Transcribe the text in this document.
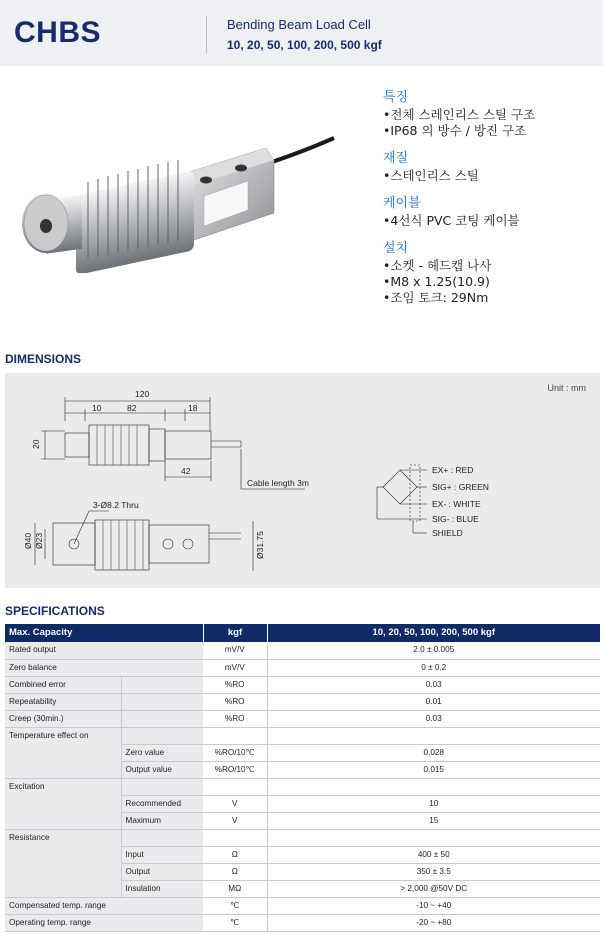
CHBS	Bending Beam Load Cell
10, 20, 50, 100, 200, 500 kgf
특징
•전체 스레인리스 스틸 구조
•IP68 의 방수 / 방진 구조
재질
•스테인리스 스틸
케이블
•4선식 PVC 코팅 케이블
설치
•소켓 - 헤드캡 나사
•M8 x 1.25(10.9)
•조임 토크: 29Nm
DIMENSIONS
Unit : mm
120
10	82	18
20
42
Cable length 3m
3-Ø8.2 Thru
Ø40 Ø23	Ø31.75
EX+ : RED
SIG+ : GREEN
EX- : WHITE
SIG- : BLUE
SHIELD
SPECIFICATIONS
Max. Capacity		kgf	10, 20, 50, 100, 200, 500 kgf
Rated output		mV/V	2.0 ± 0.005
Zero balance		mV/V	0 ± 0.2
Combined error		%RO	0.03
Repeatability		%RO	0.01
Creep (30min.)		%RO	0.03
Temperature effect on			
	Zero value	%RO/10℃	0.028
	Output value	%RO/10℃	0.015
Excitation			
	Recommended	V	10
	Maximum	V	15
Resistance			
	Input	Ω	400 ± 50
	Output	Ω	350 ± 3.5
	Insulation	MΩ	> 2,000 @50V DC
Compensated temp. range		℃	-10 ~ +40
Operating temp. range		℃	-20 ~ +80
